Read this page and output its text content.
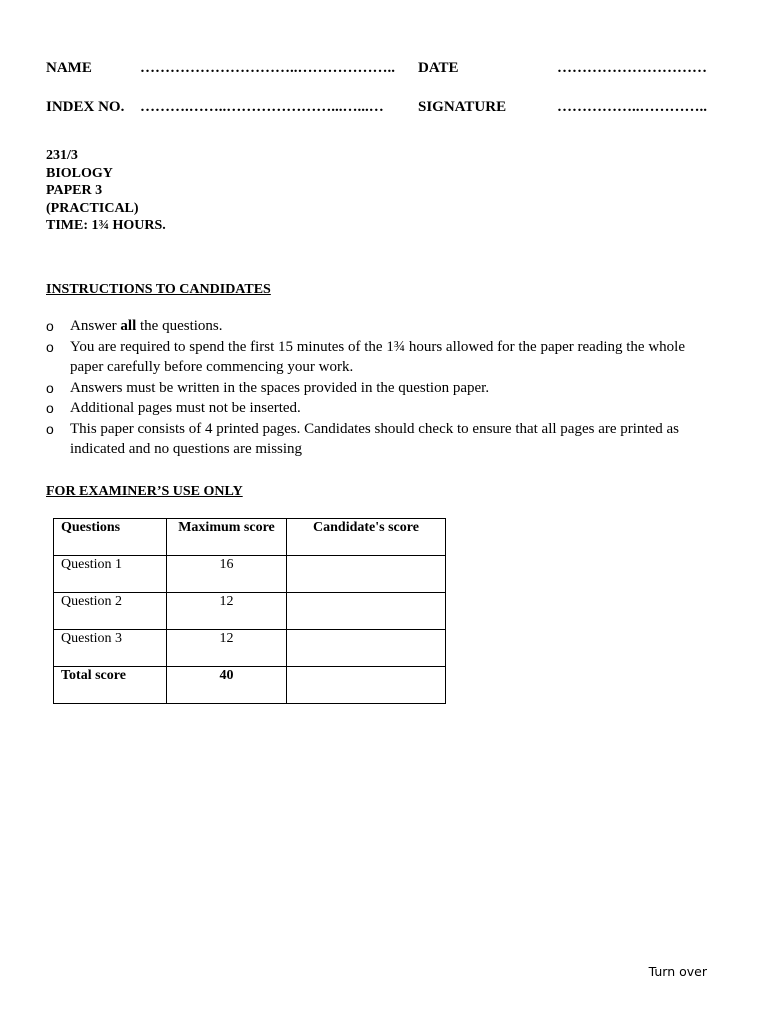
NAME	…………………………..……………….. DATE	…………………………
INDEX NO. ……….……..…………………...…...… SIGNATURE	……………..…………..
231/3
BIOLOGY
PAPER 3
(PRACTICAL)
TIME: 1¾ HOURS.
INSTRUCTIONS TO CANDIDATES
o Answer all the questions.
o You are required to spend the first 15 minutes of the 1¾ hours allowed for the paper reading the whole paper carefully before commencing your work.
o Answers must be written in the spaces provided in the question paper.
o Additional pages must not be inserted.
o This paper consists of 4 printed pages. Candidates should check to ensure that all pages are printed as indicated and no questions are missing
FOR EXAMINER’S USE ONLY
Questions	Maximum score	Candidate's score
Question 1	16	
Question 2	12	
Question 3	12	
Total score	40	
Turn over
